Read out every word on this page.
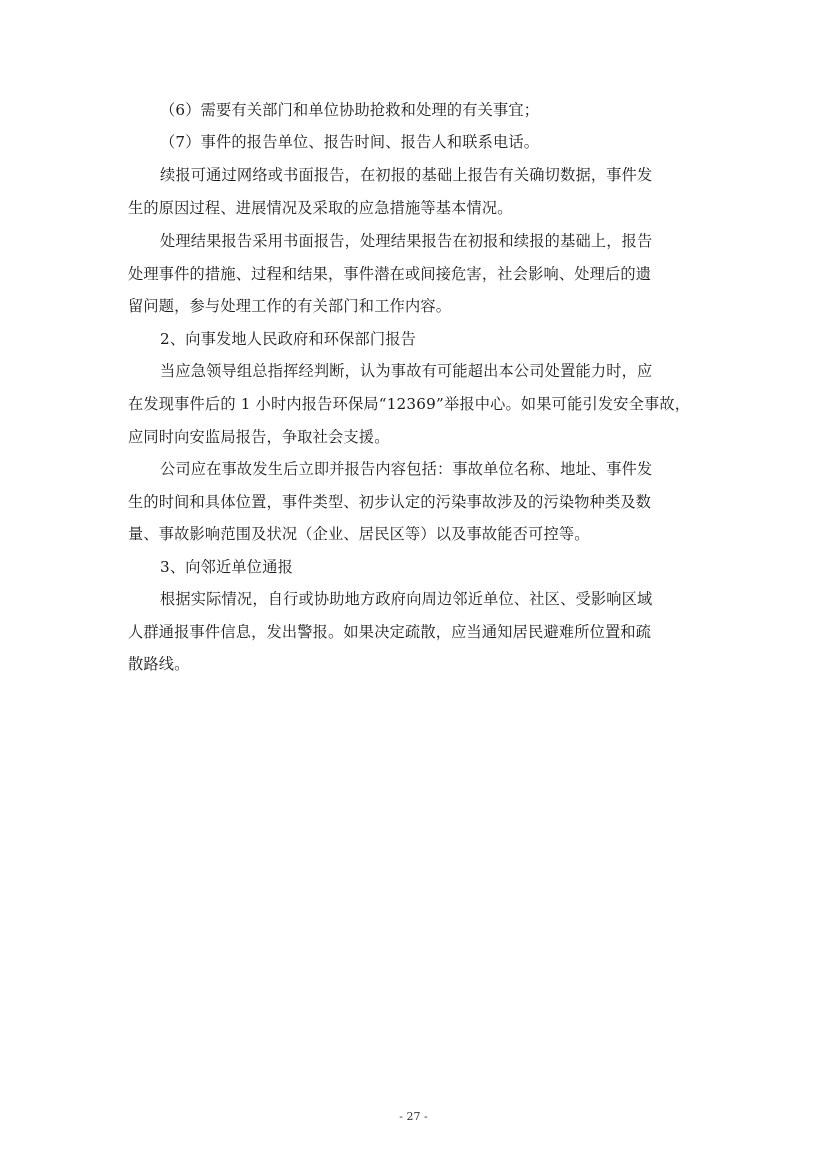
（6）需要有关部门和单位协助抢救和处理的有关事宜；
（7）事件的报告单位、报告时间、报告人和联系电话。
续报可通过网络或书面报告，在初报的基础上报告有关确切数据，事件发
生的原因过程、进展情况及采取的应急措施等基本情况。
处理结果报告采用书面报告，处理结果报告在初报和续报的基础上，报告
处理事件的措施、过程和结果，事件潜在或间接危害，社会影响、处理后的遗
留问题，参与处理工作的有关部门和工作内容。
2、向事发地人民政府和环保部门报告
当应急领导组总指挥经判断，认为事故有可能超出本公司处置能力时，应
在发现事件后的 1 小时内报告环保局“12369”举报中心。如果可能引发安全事故，
应同时向安监局报告，争取社会支援。
公司应在事故发生后立即并报告内容包括：事故单位名称、地址、事件发
生的时间和具体位置，事件类型、初步认定的污染事故涉及的污染物种类及数
量、事故影响范围及状况（企业、居民区等）以及事故能否可控等。
3、向邻近单位通报
根据实际情况，自行或协助地方政府向周边邻近单位、社区、受影响区域
人群通报事件信息，发出警报。如果决定疏散，应当通知居民避难所位置和疏
散路线。
- 27 -
